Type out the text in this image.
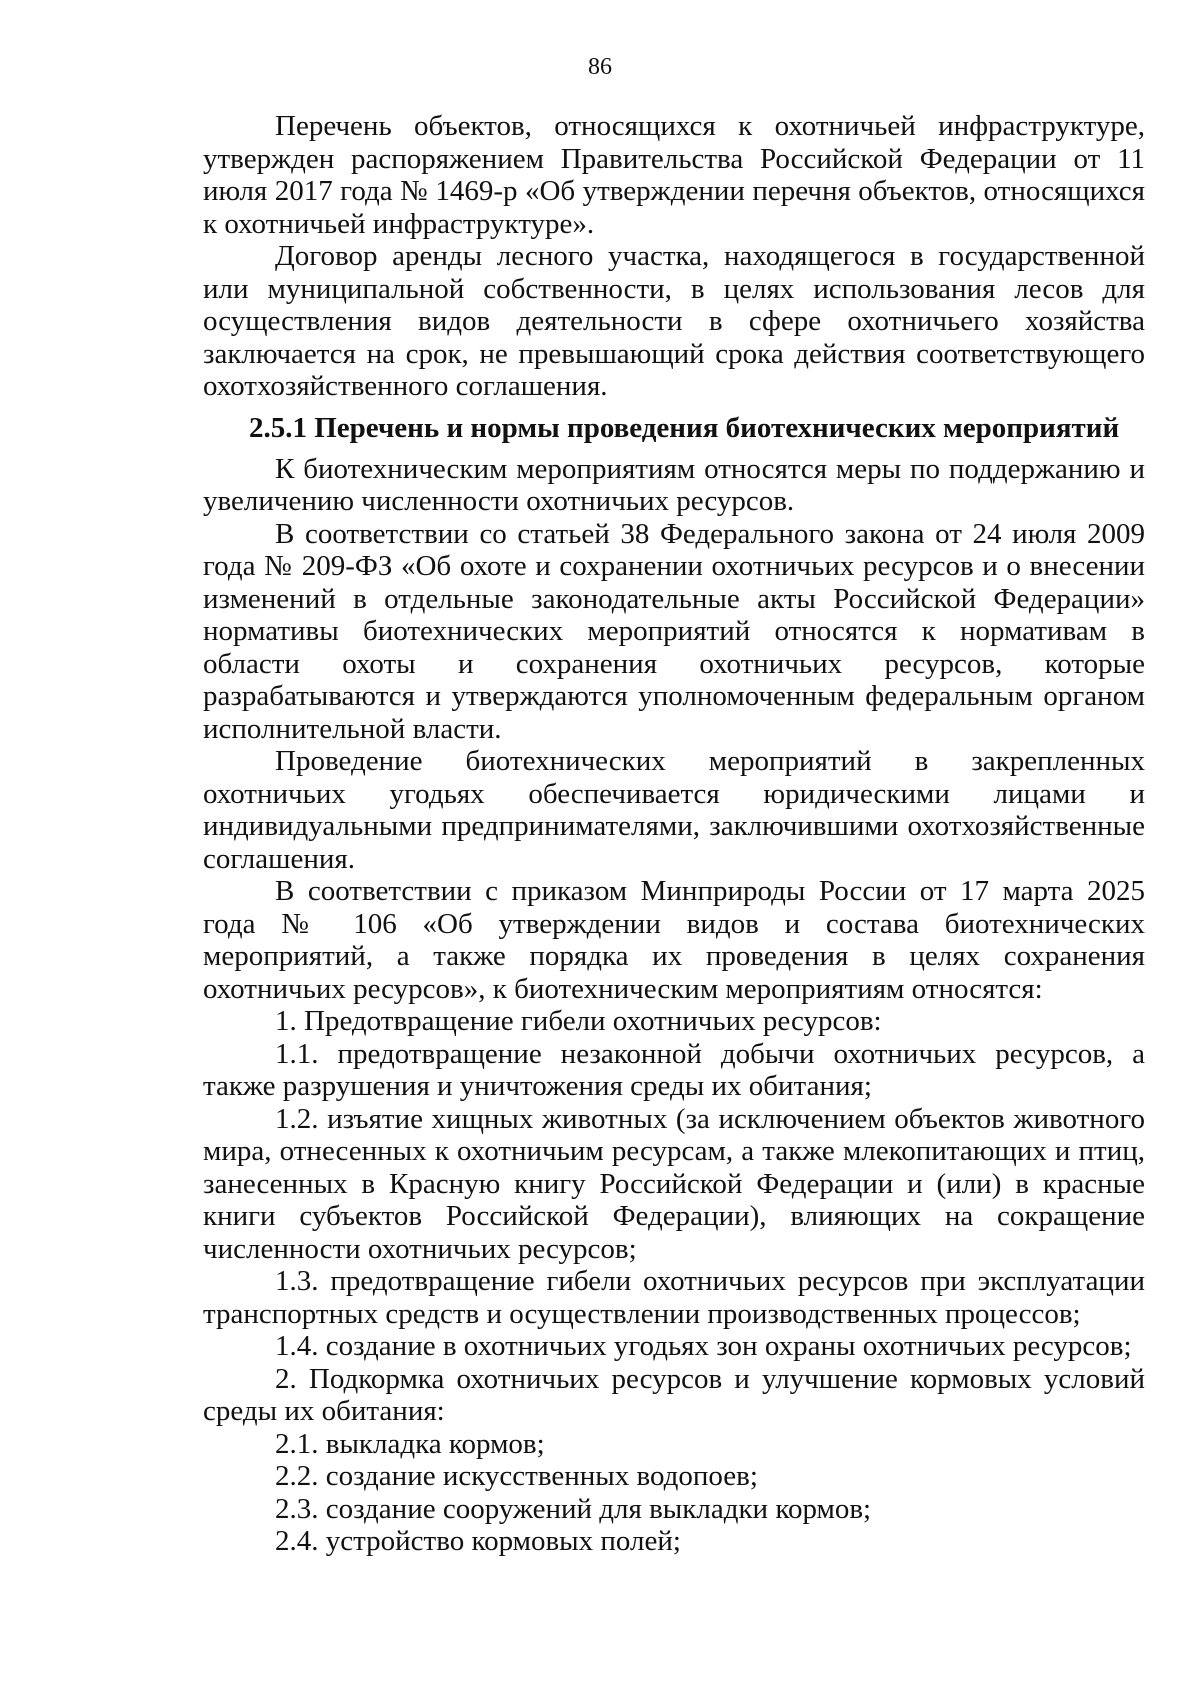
86

Перечень объектов, относящихся к охотничьей инфраструктуре, утвержден распоряжением Правительства Российской Федерации от 11 июля 2017 года № 1469-р «Об утверждении перечня объектов, относящихся к охотничьей инфраструктуре».

Договор аренды лесного участка, находящегося в государственной или муниципальной собственности, в целях использования лесов для осуществления видов деятельности в сфере охотничьего хозяйства заключается на срок, не превышающий срока действия соответствующего охотхозяйственного соглашения.

2.5.1 Перечень и нормы проведения биотехнических мероприятий

К биотехническим мероприятиям относятся меры по поддержанию и увеличению численности охотничьих ресурсов.

В соответствии со статьей 38 Федерального закона от 24 июля 2009 года № 209-ФЗ «Об охоте и сохранении охотничьих ресурсов и о внесении изменений в отдельные законодательные акты Российской Федерации» нормативы биотехнических мероприятий относятся к нормативам в области охоты и сохранения охотничьих ресурсов, которые разрабатываются и утверждаются уполномоченным федеральным органом исполнительной власти.

Проведение биотехнических мероприятий в закрепленных охотничьих угодьях обеспечивается юридическими лицами и индивидуальными предпринимателями, заключившими охотхозяйственные соглашения.

В соответствии с приказом Минприроды России от 17 марта 2025 года № 106 «Об утверждении видов и состава биотехнических мероприятий, а также порядка их проведения в целях сохранения охотничьих ресурсов», к биотехническим мероприятиям относятся:

1. Предотвращение гибели охотничьих ресурсов:
1.1. предотвращение незаконной добычи охотничьих ресурсов, а также разрушения и уничтожения среды их обитания;
1.2. изъятие хищных животных (за исключением объектов животного мира, отнесенных к охотничьим ресурсам, а также млекопитающих и птиц, занесенных в Красную книгу Российской Федерации и (или) в красные книги субъектов Российской Федерации), влияющих на сокращение численности охотничьих ресурсов;
1.3. предотвращение гибели охотничьих ресурсов при эксплуатации транспортных средств и осуществлении производственных процессов;
1.4. создание в охотничьих угодьях зон охраны охотничьих ресурсов;
2. Подкормка охотничьих ресурсов и улучшение кормовых условий среды их обитания:
2.1. выкладка кормов;
2.2. создание искусственных водопоев;
2.3. создание сооружений для выкладки кормов;
2.4. устройство кормовых полей;
